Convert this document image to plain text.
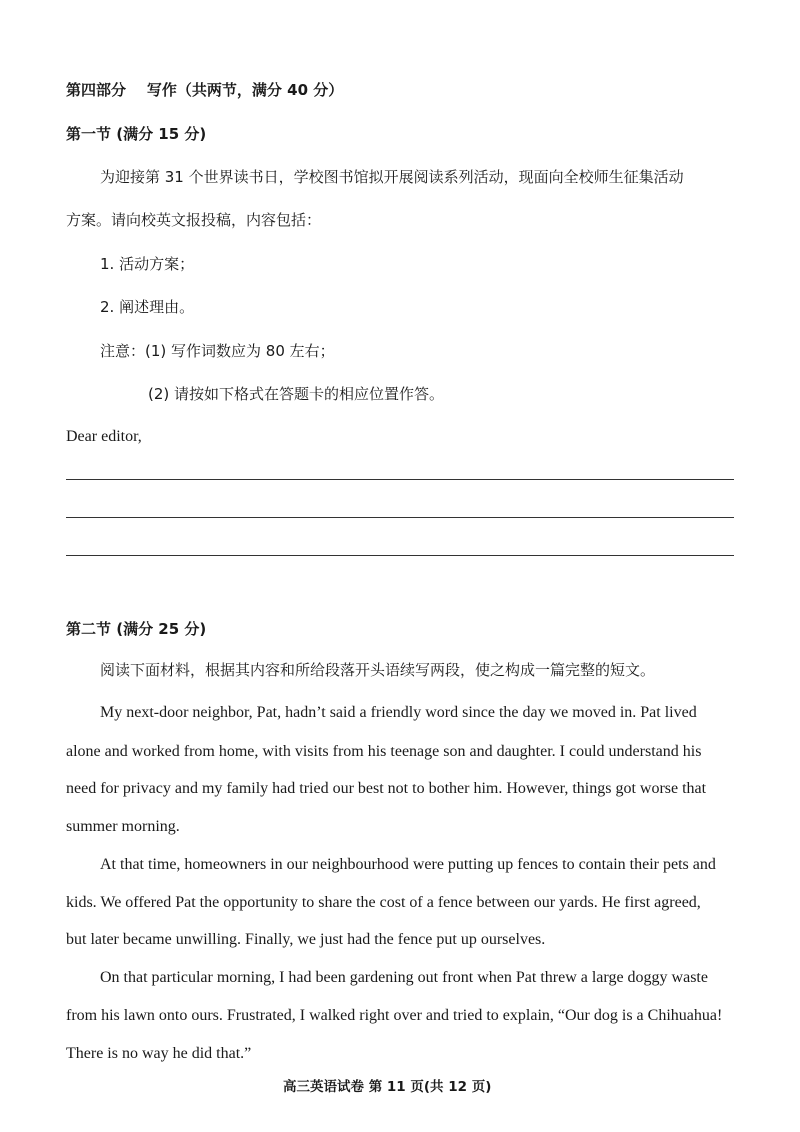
第四部分 写作（共两节，满分 40 分）
第一节 (满分 15 分)
为迎接第 31 个世界读书日，学校图书馆拟开展阅读系列活动，现面向全校师生征集活动
方案。请向校英文报投稿，内容包括：
1. 活动方案；
2. 阐述理由。
注意：(1) 写作词数应为 80 左右；
(2) 请按如下格式在答题卡的相应位置作答。
Dear editor,
第二节 (满分 25 分)
阅读下面材料，根据其内容和所给段落开头语续写两段，使之构成一篇完整的短文。
My next-door neighbor, Pat, hadn’t said a friendly word since the day we moved in. Pat lived
alone and worked from home, with visits from his teenage son and daughter. I could understand his
need for privacy and my family had tried our best not to bother him. However, things got worse that
summer morning.
At that time, homeowners in our neighbourhood were putting up fences to contain their pets and
kids. We offered Pat the opportunity to share the cost of a fence between our yards. He first agreed,
but later became unwilling. Finally, we just had the fence put up ourselves.
On that particular morning, I had been gardening out front when Pat threw a large doggy waste
from his lawn onto ours. Frustrated, I walked right over and tried to explain, “Our dog is a Chihuahua!
There is no way he did that.”
高三英语试卷 第 11 页(共 12 页)
